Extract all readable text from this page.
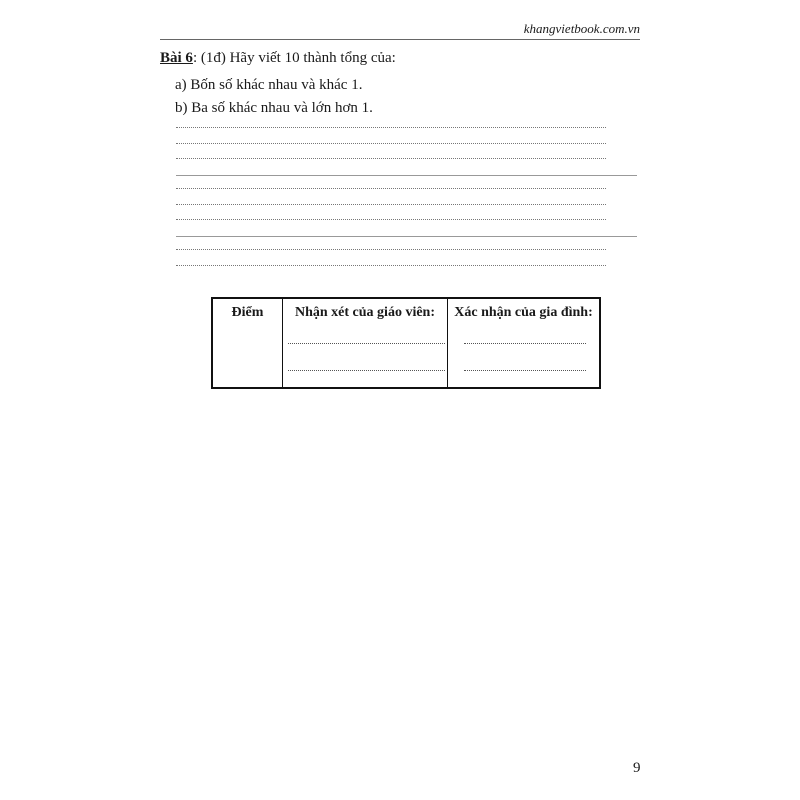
khangvietbook.com.vn
Bài 6: (1đ) Hãy viết 10 thành tổng của:
a) Bốn số khác nhau và khác 1.
b) Ba số khác nhau và lớn hơn 1.
Điểm	Nhận xét của giáo viên:	Xác nhận của gia đình:
9
